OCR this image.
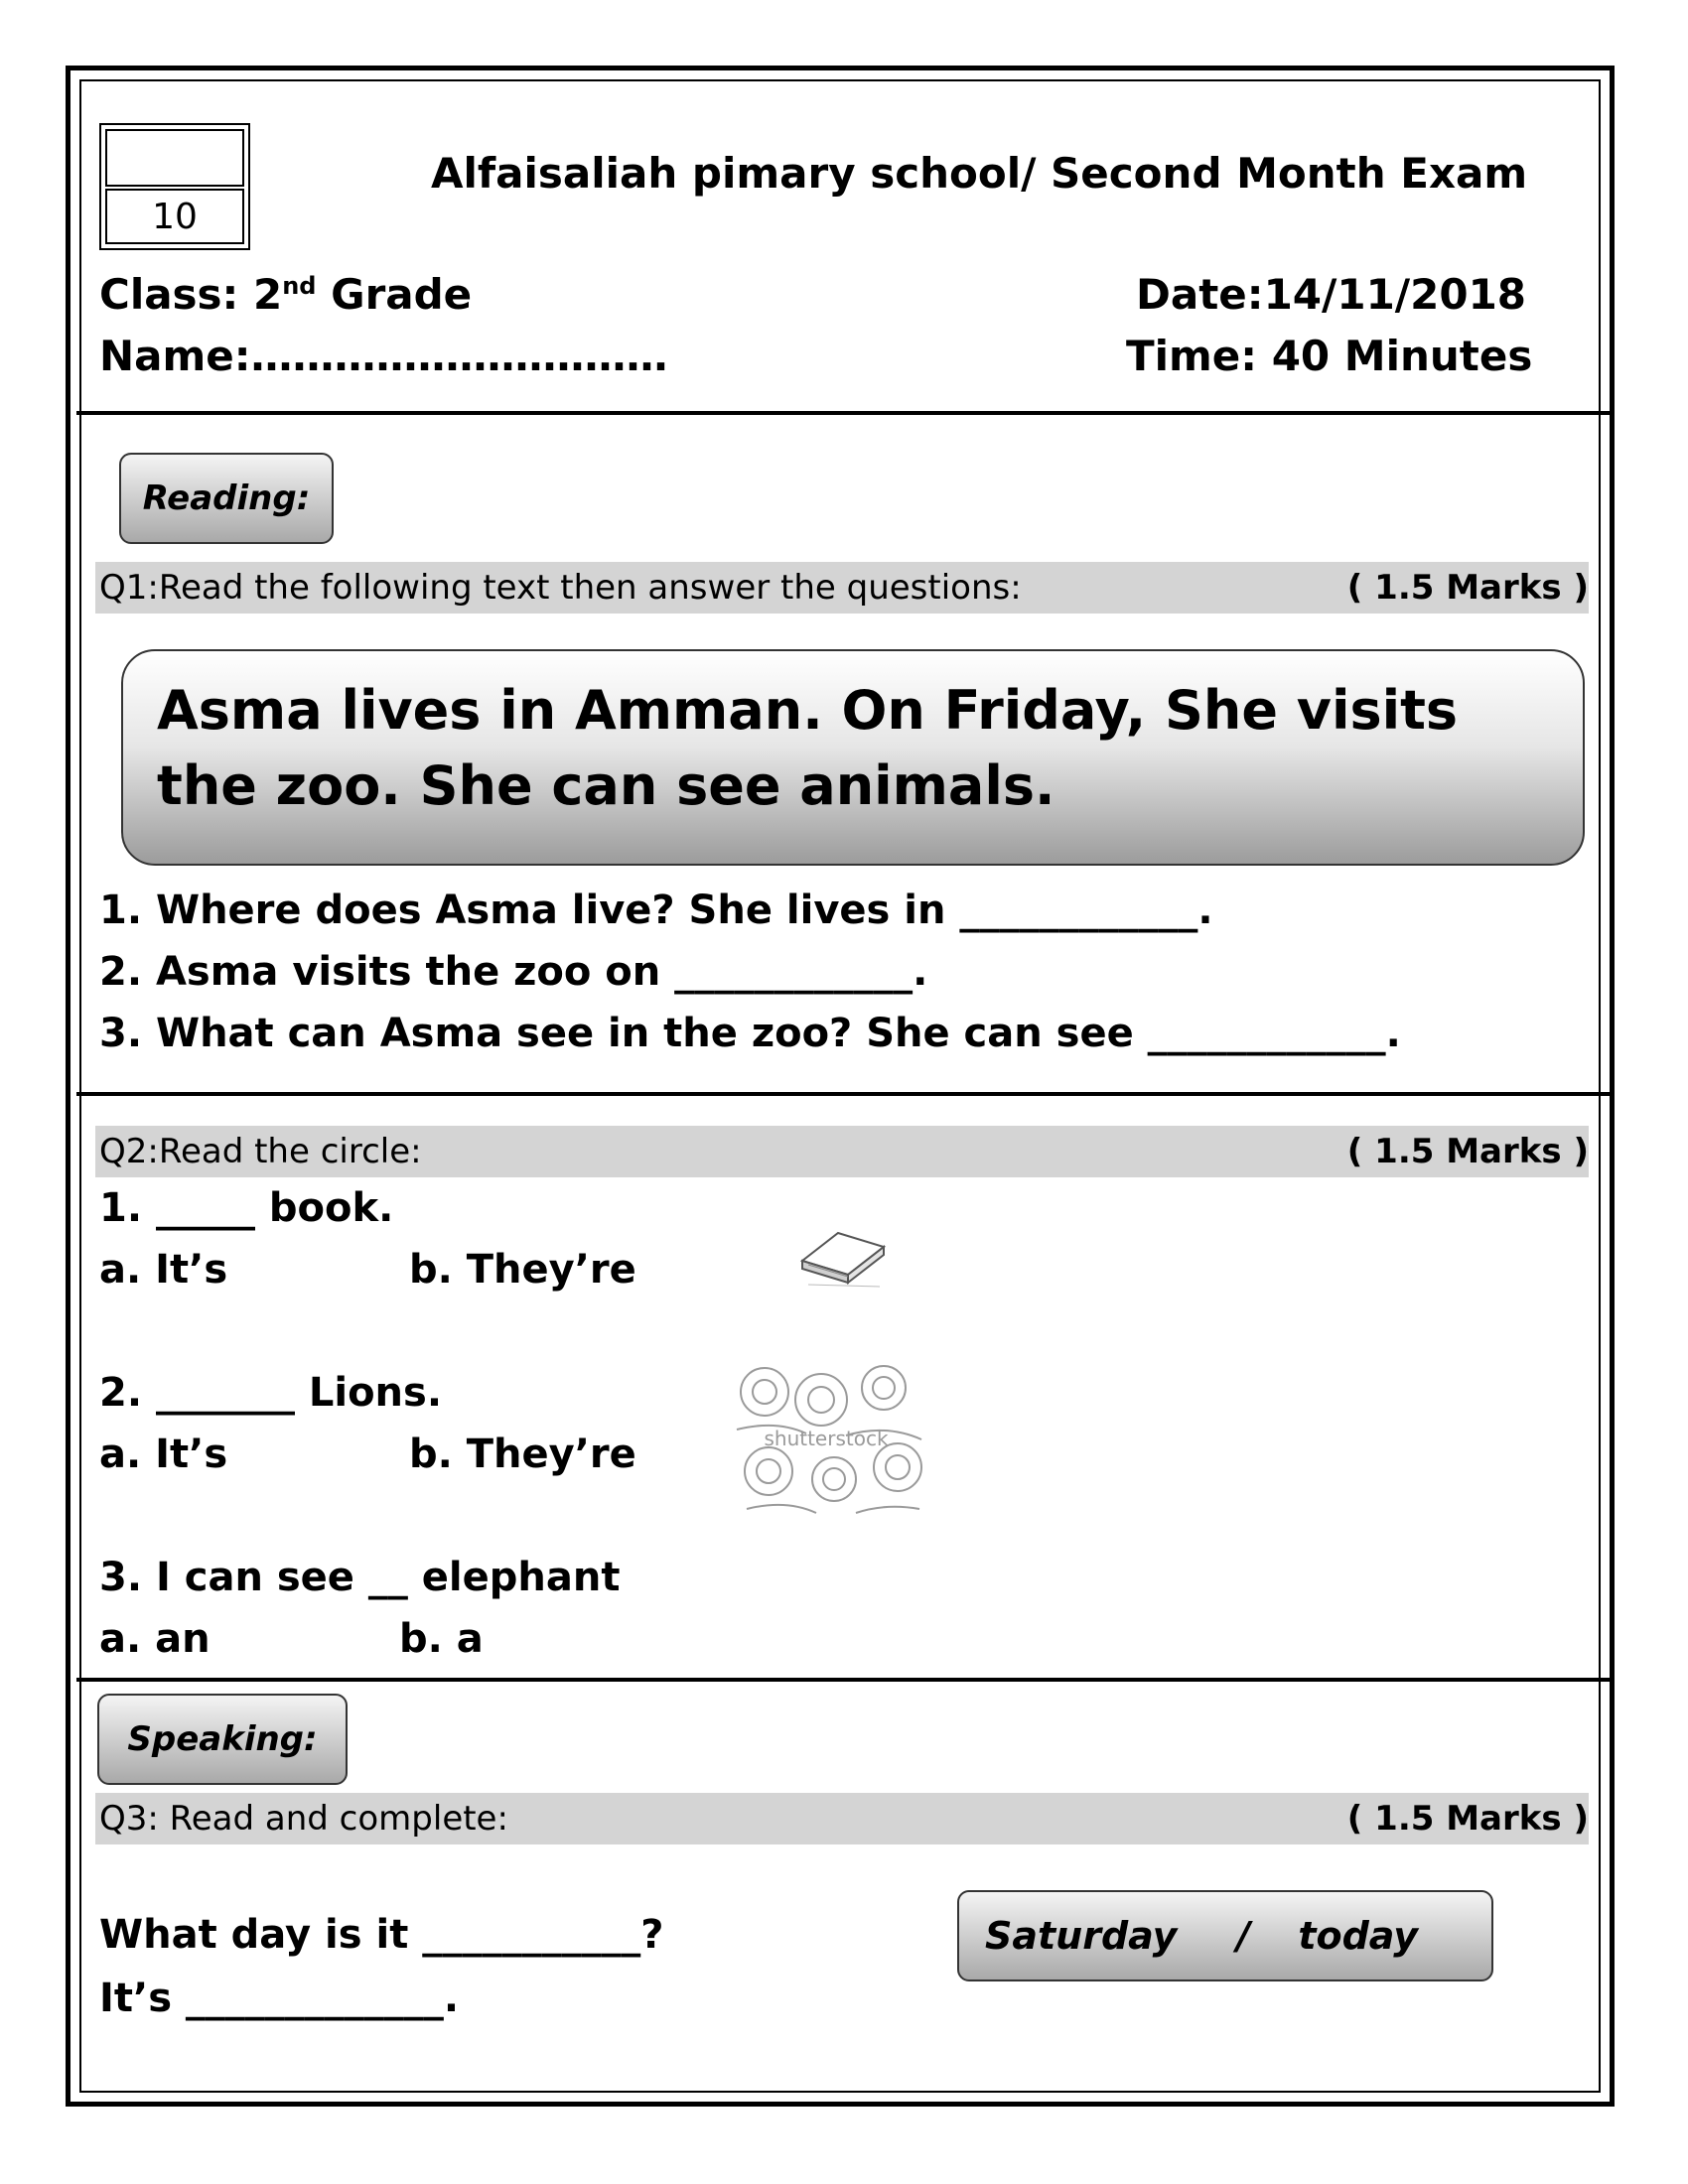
10
Alfaisaliah pimary school/ Second Month Exam
Class: 2nd Grade	Date:14/11/2018
Name:…………………………	Time: 40 Minutes
Reading:
Q1:Read the following text then answer the questions:	( 1.5 Marks )
Asma lives in Amman. On Friday, She visits the zoo. She can see animals.
1. Where does Asma live? She lives in ____________.
2. Asma visits the zoo on ____________.
3. What can Asma see in the zoo? She can see ____________.
Q2:Read the circle:	( 1.5 Marks )
1. _____ book.
a. It’s	b. They’re
2. _______ Lions.
a. It’s	b. They’re	shutterstock
3. I can see __ elephant
a. an	b. a
Speaking:
Q3: Read and complete:	( 1.5 Marks )
What day is it ___________?
It’s _____________.
Saturday / today
